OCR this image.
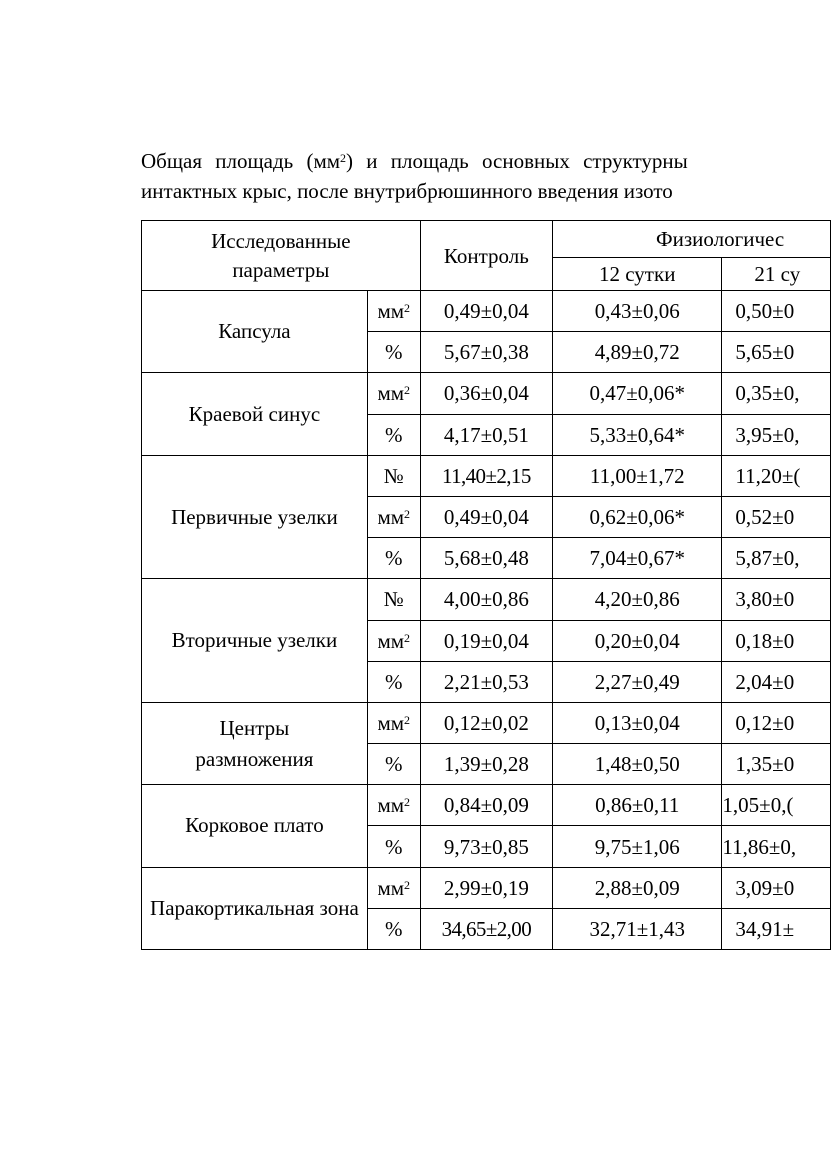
Общая площадь $(мм^2)$ и площадь основных структурны
интактных крыс, после внутрибрюшинного введения изото
Исследованные параметры		Контроль	Физиологичес	
			12 сутки	21 су
Капсула	$мм^2$	0,49±0,04	0,43±0,06	0,50±0
	%	5,67±0,38	4,89±0,72	5,65±0
Краевой синус	$мм^2$	0,36±0,04	0,47±0,06*	0,35±0,
	%	4,17±0,51	5,33±0,64*	3,95±0,
Первичные узелки	№	11,40±2,15	11,00±1,72	11,20±(
	$мм^2$	0,49±0,04	0,62±0,06*	0,52±0
	%	5,68±0,48	7,04±0,67*	5,87±0,
Вторичные узелки	№	4,00±0,86	4,20±0,86	3,80±0
	$мм^2$	0,19±0,04	0,20±0,04	0,18±0
	%	2,21±0,53	2,27±0,49	2,04±0
Центры размножения	$мм^2$	0,12±0,02	0,13±0,04	0,12±0
	%	1,39±0,28	1,48±0,50	1,35±0
Корковое плато	$мм^2$	0,84±0,09	0,86±0,11	1,05±0,(
	%	9,73±0,85	9,75±1,06	11,86±0,
Паракортикальная зона	$мм^2$	2,99±0,19	2,88±0,09	3,09±0
	%	34,65±2,00	32,71±1,43	34,91±
